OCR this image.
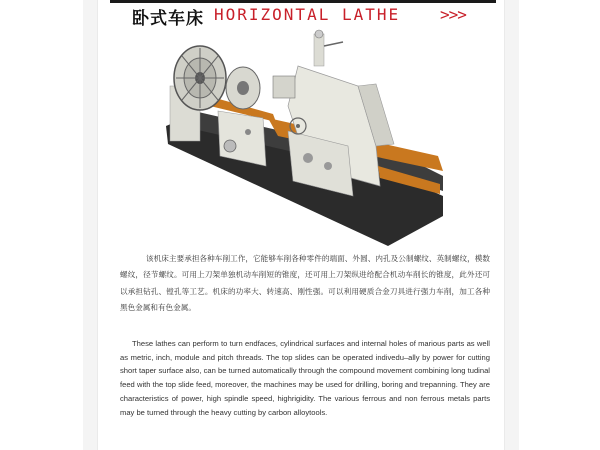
卧式车床 HORIZONTAL LATHE >>>
该机床主要承担各种车削工作，它能够车削各种零件的端面、外圆、内孔及公制螺纹、英制螺纹，模数螺纹，径节螺纹。可用上刀架单独机动车削短的锥度，还可用上刀架纵进给配合机动车削长的锥度，此外还可以承担钻孔、镗孔等工艺。机床的功率大、转速高、刚性强。可以利用硬质合金刀具进行强力车削，加工各种黑色金属和有色金属。
These lathes can perform to turn endfaces, cylindrical surfaces and internal holes of marious parts as well as metric, inch, module and pitch threads. The top slides can be operated indivedu–ally by power for cutting short taper surface also, can be turned automatically through the compound movement combining long tudinal feed with the top slide feed, moreover, the machines may be used for drilling, boring and trepanning. They are characteristics of power, high spindle speed, highrigidity. The various ferrous and non ferrous metals parts may be turned through the heavy cutting by carbon alloytools.
